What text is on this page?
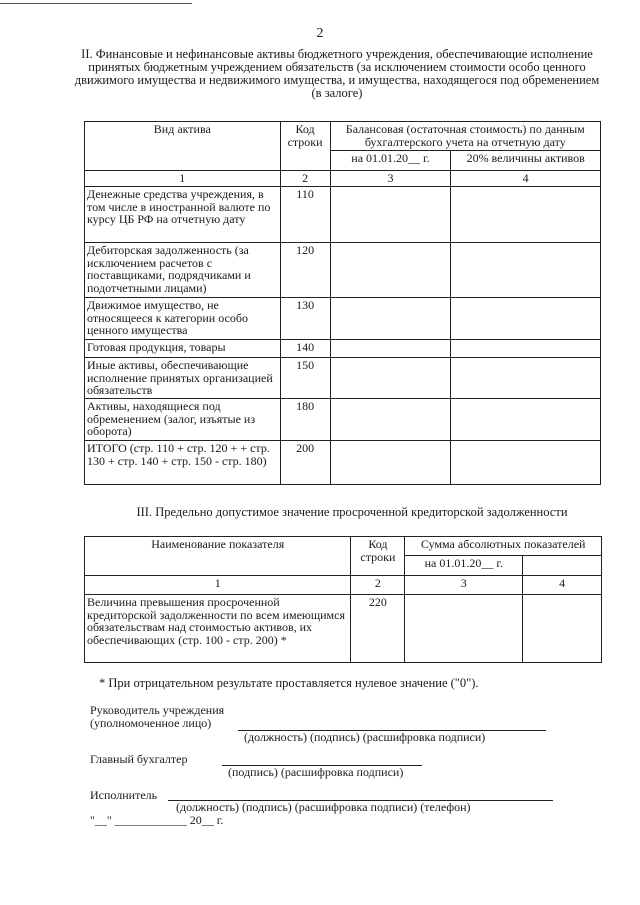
2
II. Финансовые и нефинансовые активы бюджетного учреждения, обеспечивающие исполнение принятых бюджетным учреждением обязательств (за исключением стоимости особо ценного движимого имущества и недвижимого имущества, и имущества, находящегося под обременением (в залоге)
Вид актива	Код строки	Балансовая (остаточная стоимость) по данным бухгалтерского учета на отчетную дату	
		на 01.01.20__ г.	20% величины активов
1	2	3	4
Денежные средства учреждения, в том числе в иностранной валюте по курсу ЦБ РФ на отчетную дату	110		
Дебиторская задолженность (за исключением расчетов с поставщиками, подрядчиками и подотчетными лицами)	120		
Движимое имущество, не относящееся к категории особо ценного имущества	130		
Готовая продукция, товары	140		
Иные активы, обеспечивающие исполнение принятых организацией обязательств	150		
Активы, находящиеся под обременением (залог, изъятые из оборота)	180		
ИТОГО (стр. 110 + стр. 120 + + стр. 130 + стр. 140 + стр. 150 - стр. 180)	200		
III. Предельно допустимое значение просроченной кредиторской задолженности
Наименование показателя	Код строки	Сумма абсолютных показателей	
		на 01.01.20__ г.	
1	2	3	4
Величина превышения просроченной кредиторской задолженности по всем имеющимся обязательствам над стоимостью активов, их обеспечивающих (стр. 100 - стр. 200) *	220		
* При отрицательном результате проставляется нулевое значение ("0").
Руководитель учреждения
(уполномоченное лицо)
(должность) (подпись) (расшифровка подписи)
Главный бухгалтер
(подпись) (расшифровка подписи)
Исполнитель
(должность) (подпись) (расшифровка подписи) (телефон)
"__" ____________ 20__ г.
